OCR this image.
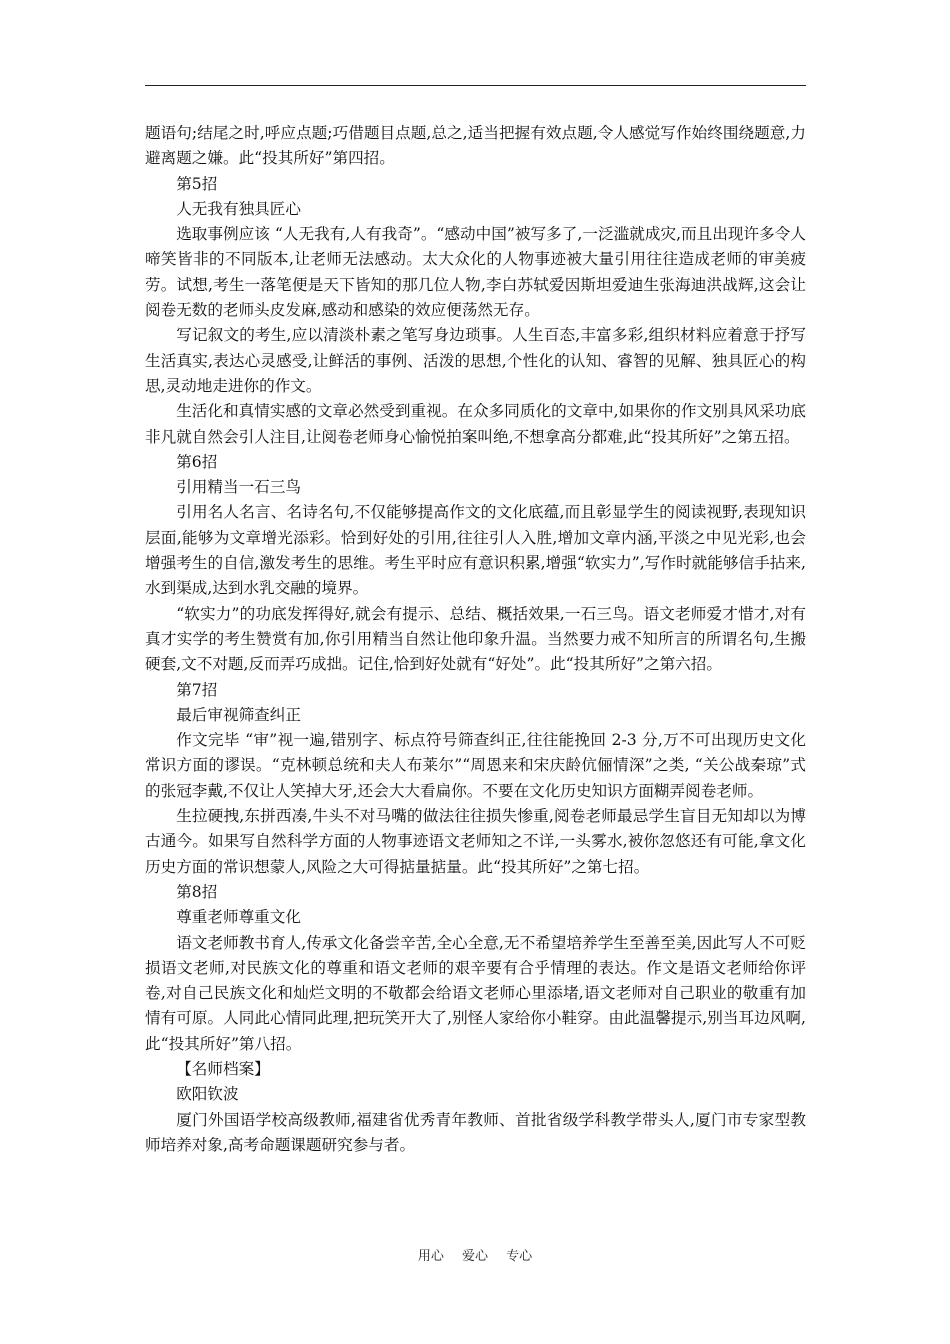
题语句;结尾之时,呼应点题;巧借题目点题,总之,适当把握有效点题,令人感觉写作始终围绕题意,力避离题之嫌。此“投其所好”第四招。

第5招

人无我有独具匠心

选取事例应该 “人无我有,人有我奇”。“感动中国”被写多了,一泛滥就成灾,而且出现许多令人啼笑皆非的不同版本,让老师无法感动。太大众化的人物事迹被大量引用往往造成老师的审美疲劳。试想,考生一落笔便是天下皆知的那几位人物,李白苏轼爱因斯坦爱迪生张海迪洪战辉,这会让阅卷无数的老师头皮发麻,感动和感染的效应便荡然无存。

写记叙文的考生,应以清淡朴素之笔写身边琐事。人生百态,丰富多彩,组织材料应着意于抒写生活真实,表达心灵感受,让鲜活的事例、活泼的思想,个性化的认知、睿智的见解、独具匠心的构思,灵动地走进你的作文。

生活化和真情实感的文章必然受到重视。在众多同质化的文章中,如果你的作文别具风采功底非凡就自然会引人注目,让阅卷老师身心愉悦拍案叫绝,不想拿高分都难,此“投其所好”之第五招。

第6招

引用精当一石三鸟

引用名人名言、名诗名句,不仅能够提高作文的文化底蕴,而且彰显学生的阅读视野,表现知识层面,能够为文章增光添彩。恰到好处的引用,往往引人入胜,增加文章内涵,平淡之中见光彩,也会增强考生的自信,激发考生的思维。考生平时应有意识积累,增强“软实力”,写作时就能够信手拈来,水到渠成,达到水乳交融的境界。

“软实力”的功底发挥得好,就会有提示、总结、概括效果,一石三鸟。语文老师爱才惜才,对有真才实学的考生赞赏有加,你引用精当自然让他印象升温。当然要力戒不知所言的所谓名句,生搬硬套,文不对题,反而弄巧成拙。记住,恰到好处就有“好处”。此“投其所好”之第六招。

第7招

最后审视筛查纠正

作文完毕 “审”视一遍,错别字、标点符号筛查纠正,往往能挽回 2-3 分,万不可出现历史文化常识方面的谬误。“克林顿总统和夫人布莱尔”“周恩来和宋庆龄伉俪情深”之类, “关公战秦琼”式的张冠李戴,不仅让人笑掉大牙,还会大大看扁你。不要在文化历史知识方面糊弄阅卷老师。

生拉硬拽,东拼西凑,牛头不对马嘴的做法往往损失惨重,阅卷老师最忌学生盲目无知却以为博古通今。如果写自然科学方面的人物事迹语文老师知之不详,一头雾水,被你忽悠还有可能,拿文化历史方面的常识想蒙人,风险之大可得掂量掂量。此“投其所好”之第七招。

第8招

尊重老师尊重文化

语文老师教书育人,传承文化备尝辛苦,全心全意,无不希望培养学生至善至美,因此写人不可贬损语文老师,对民族文化的尊重和语文老师的艰辛要有合乎情理的表达。作文是语文老师给你评卷,对自己民族文化和灿烂文明的不敬都会给语文老师心里添堵,语文老师对自己职业的敬重有加情有可原。人同此心情同此理,把玩笑开大了,别怪人家给你小鞋穿。由此温馨提示,别当耳边风啊,此“投其所好”第八招。

【名师档案】

欧阳钦波

厦门外国语学校高级教师,福建省优秀青年教师、首批省级学科教学带头人,厦门市专家型教师培养对象,高考命题课题研究参与者。

用心 爱心 专心
